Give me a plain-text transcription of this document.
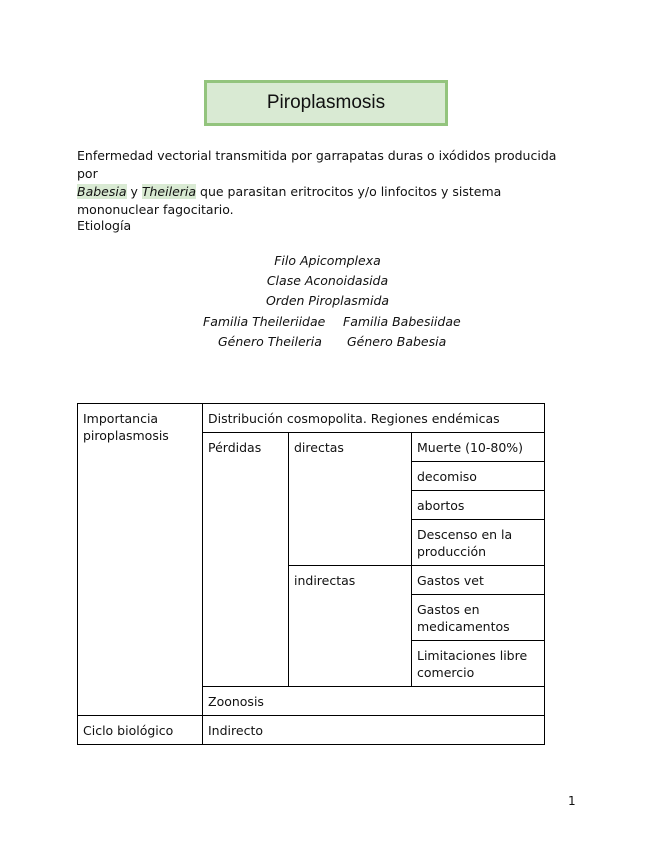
Piroplasmosis
Enfermedad vectorial transmitida por garrapatas duras o ixódidos producida por
Babesia y Theileria que parasitan eritrocitos y/o linfocitos y sistema mononuclear fagocitario.
Etiología
Filo Apicomplexa
Clase Aconoidasida
Orden Piroplasmida
Familia Theileriidae Familia Babesiidae
Género Theileria Género Babesia
Importancia piroplasmosis	Distribución cosmopolita. Regiones endémicas		
	Pérdidas	directas	Muerte (10-80%)
			decomiso
			abortos
			Descenso en la producción
		indirectas	Gastos vet
			Gastos en medicamentos
			Limitaciones libre comercio
	Zoonosis		
Ciclo biológico	Indirecto		
1
